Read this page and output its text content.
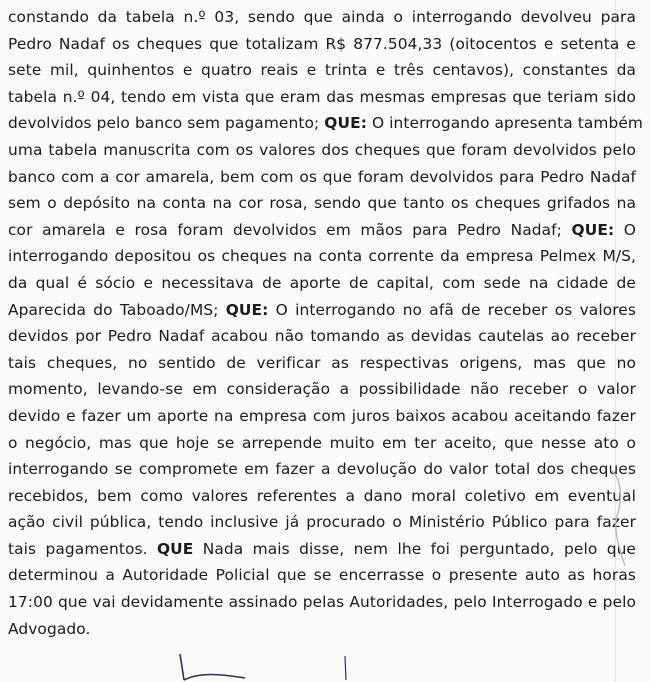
constando da tabela n.º 03, sendo que ainda o interrogando devolveu para
Pedro Nadaf os cheques que totalizam R$ 877.504,33 (oitocentos e setenta e
sete mil, quinhentos e quatro reais e trinta e três centavos), constantes da
tabela n.º 04, tendo em vista que eram das mesmas empresas que teriam sido
devolvidos pelo banco sem pagamento; QUE: O interrogando apresenta também
uma tabela manuscrita com os valores dos cheques que foram devolvidos pelo
banco com a cor amarela, bem com os que foram devolvidos para Pedro Nadaf
sem o depósito na conta na cor rosa, sendo que tanto os cheques grifados na
cor amarela e rosa foram devolvidos em mãos para Pedro Nadaf; QUE: O
interrogando depositou os cheques na conta corrente da empresa Pelmex M/S,
da qual é sócio e necessitava de aporte de capital, com sede na cidade de
Aparecida do Taboado/MS; QUE: O interrogando no afã de receber os valores
devidos por Pedro Nadaf acabou não tomando as devidas cautelas ao receber
tais cheques, no sentido de verificar as respectivas origens, mas que no
momento, levando-se em consideração a possibilidade não receber o valor
devido e fazer um aporte na empresa com juros baixos acabou aceitando fazer
o negócio, mas que hoje se arrepende muito em ter aceito, que nesse ato o
interrogando se compromete em fazer a devolução do valor total dos cheques
recebidos, bem como valores referentes a dano moral coletivo em eventual
ação civil pública, tendo inclusive já procurado o Ministério Público para fazer
tais pagamentos. QUE Nada mais disse, nem lhe foi perguntado, pelo que
determinou a Autoridade Policial que se encerrasse o presente auto as horas
17:00 que vai devidamente assinado pelas Autoridades, pelo Interrogado e pelo
Advogado.
